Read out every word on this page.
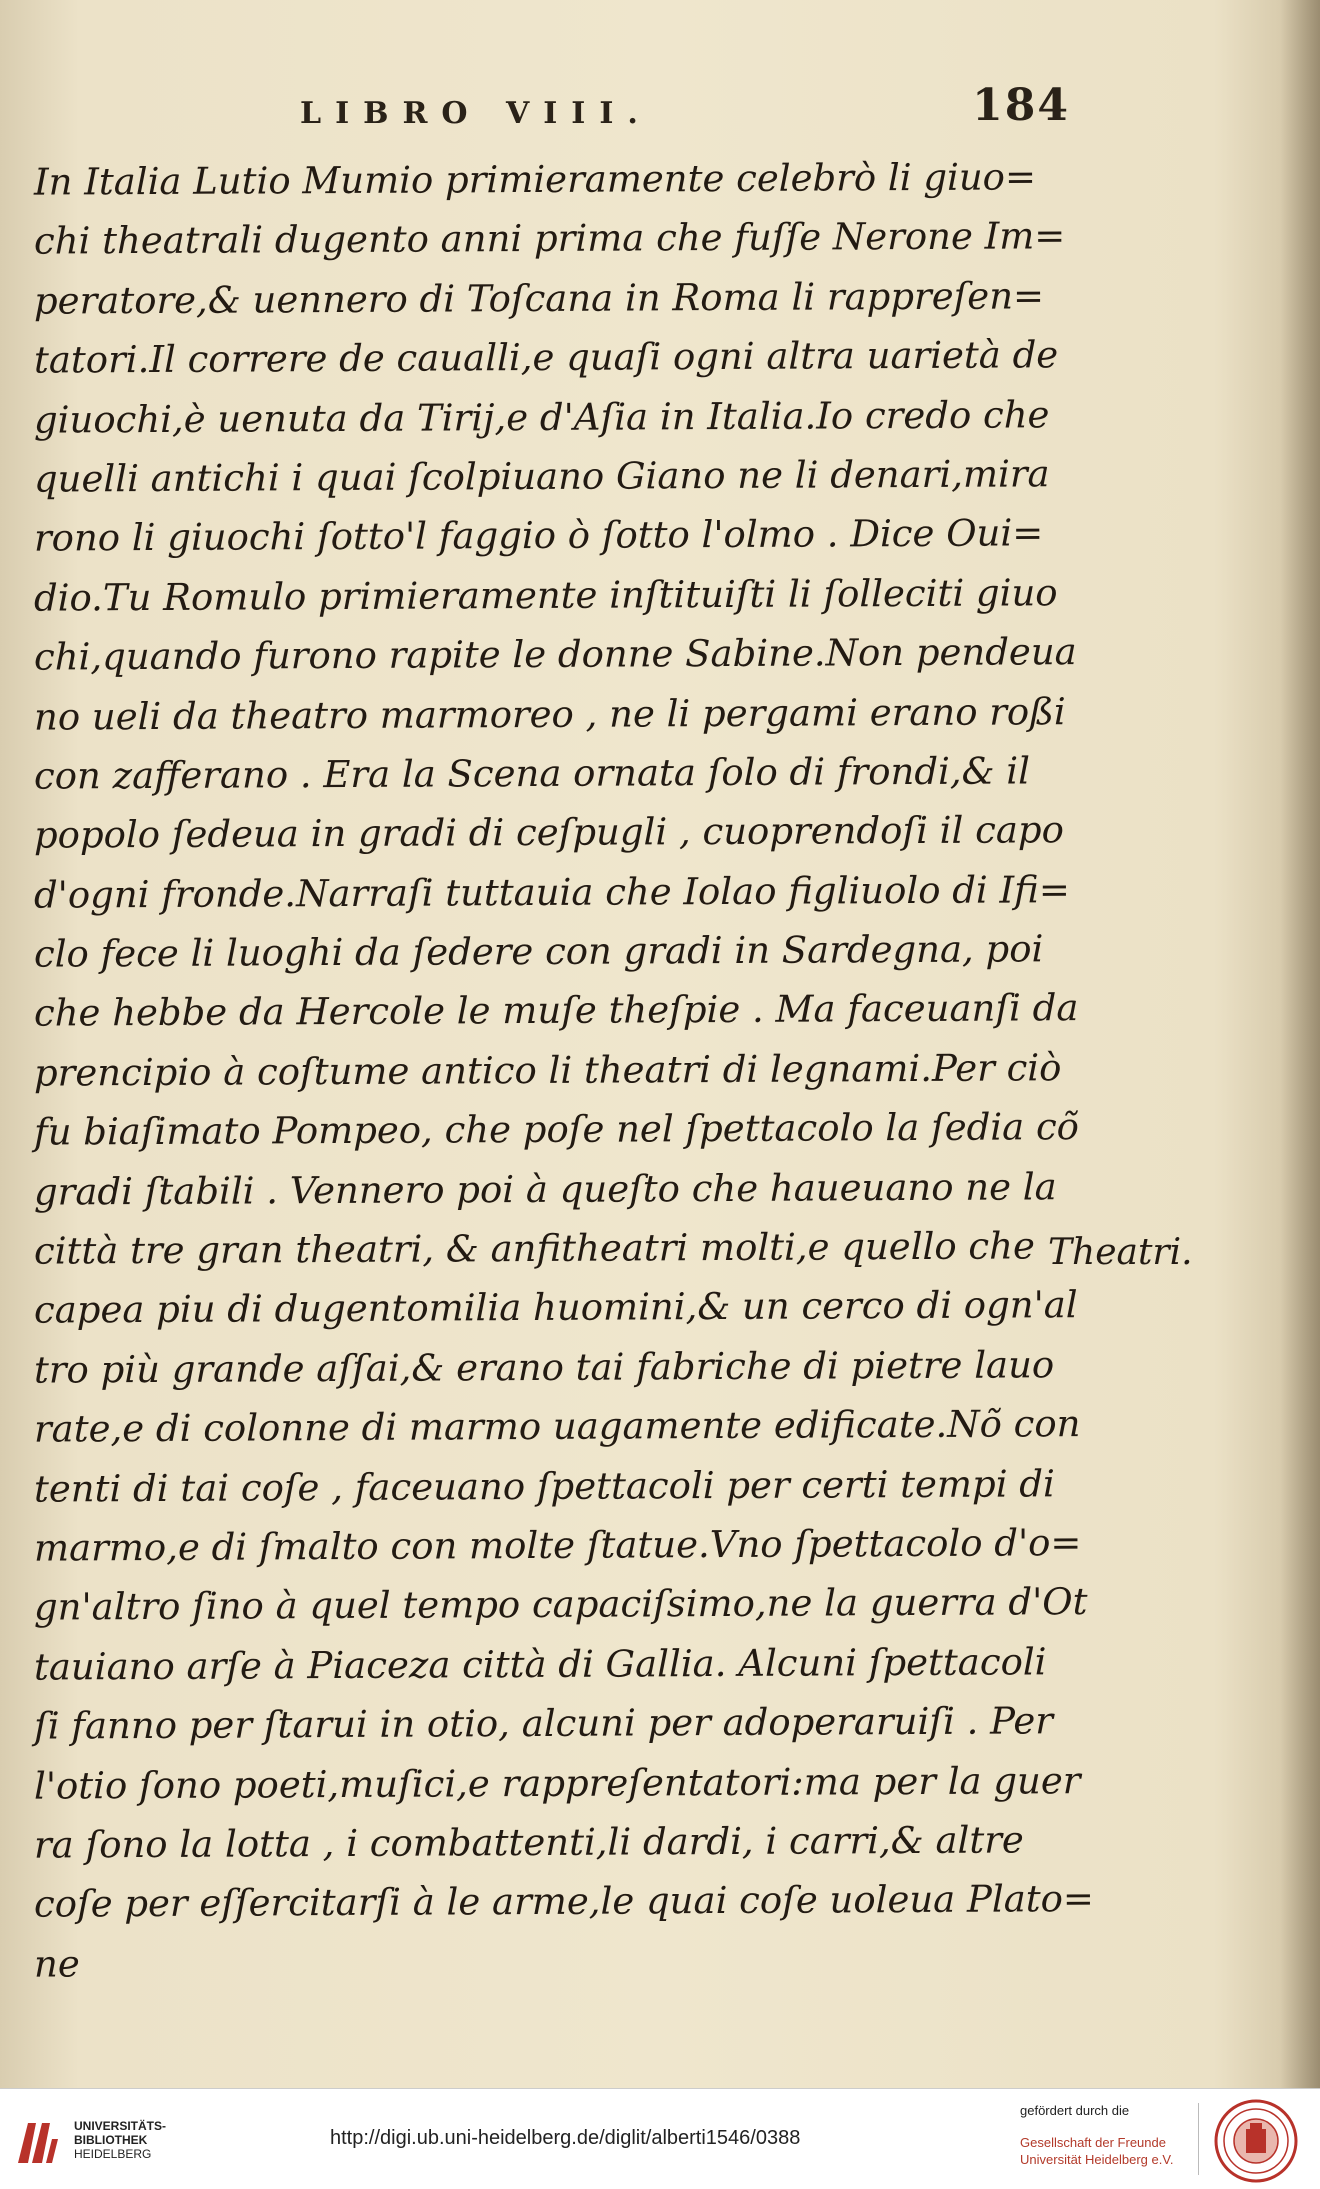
LIBRO VIII.	184
In Italia Lutio Mumio primieramente celebrò li giuo=
chi theatrali dugento anni prima che fuſſe Nerone Im=
peratore,& uennero di Toſcana in Roma li rappreſen=
tatori.Il correre de caualli,e quaſi ogni altra uarietà de
giuochi,è uenuta da Tirij,e d'Aſia in Italia.Io credo che
quelli antichi i quai ſcolpiuano Giano ne li denari,mira
rono li giuochi ſotto'l faggio ò ſotto l'olmo . Dice Oui=
dio.Tu Romulo primieramente inſtituiſti li ſolleciti giuo
chi,quando furono rapite le donne Sabine.Non pendeua
no ueli da theatro marmoreo , ne li pergami erano roßi
con zafferano . Era la Scena ornata ſolo di frondi,& il
popolo ſedeua in gradi di ceſpugli , cuoprendoſi il capo
d'ogni fronde.Narraſi tuttauia che Iolao figliuolo di Ifi=
clo fece li luoghi da ſedere con gradi in Sardegna, poi
che hebbe da Hercole le muſe theſpie . Ma faceuanſi da
prencipio à coſtume antico li theatri di legnami.Per ciò
fu biaſimato Pompeo, che poſe nel ſpettacolo la ſedia cõ
gradi ſtabili . Vennero poi à queſto che haueuano ne la
città tre gran theatri, & anfitheatri molti,e quello che
capea piu di dugentomilia huomini,& un cerco di ogn'al
tro più grande aſſai,& erano tai fabriche di pietre lauo
rate,e di colonne di marmo uagamente edificate.Nõ con
tenti di tai coſe , faceuano ſpettacoli per certi tempi di
marmo,e di ſmalto con molte ſtatue.Vno ſpettacolo d'o=
gn'altro ſino à quel tempo capaciſsimo,ne la guerra d'Ot
tauiano arſe à Piaceza città di Gallia. Alcuni ſpettacoli
ſi fanno per ſtarui in otio, alcuni per adoperaruiſi . Per
l'otio ſono poeti,muſici,e rappreſentatori:ma per la guer
ra ſono la lotta , i combattenti,li dardi, i carri,& altre
coſe per eſſercitarſi à le arme,le quai coſe uoleua Plato=
ne
Theatri.
UNIVERSITÄTS-
BIBLIOTHEK
HEIDELBERG
http://digi.ub.uni-heidelberg.de/diglit/alberti1546/0388
gefördert durch die
Gesellschaft der Freunde
Universität Heidelberg e.V.
